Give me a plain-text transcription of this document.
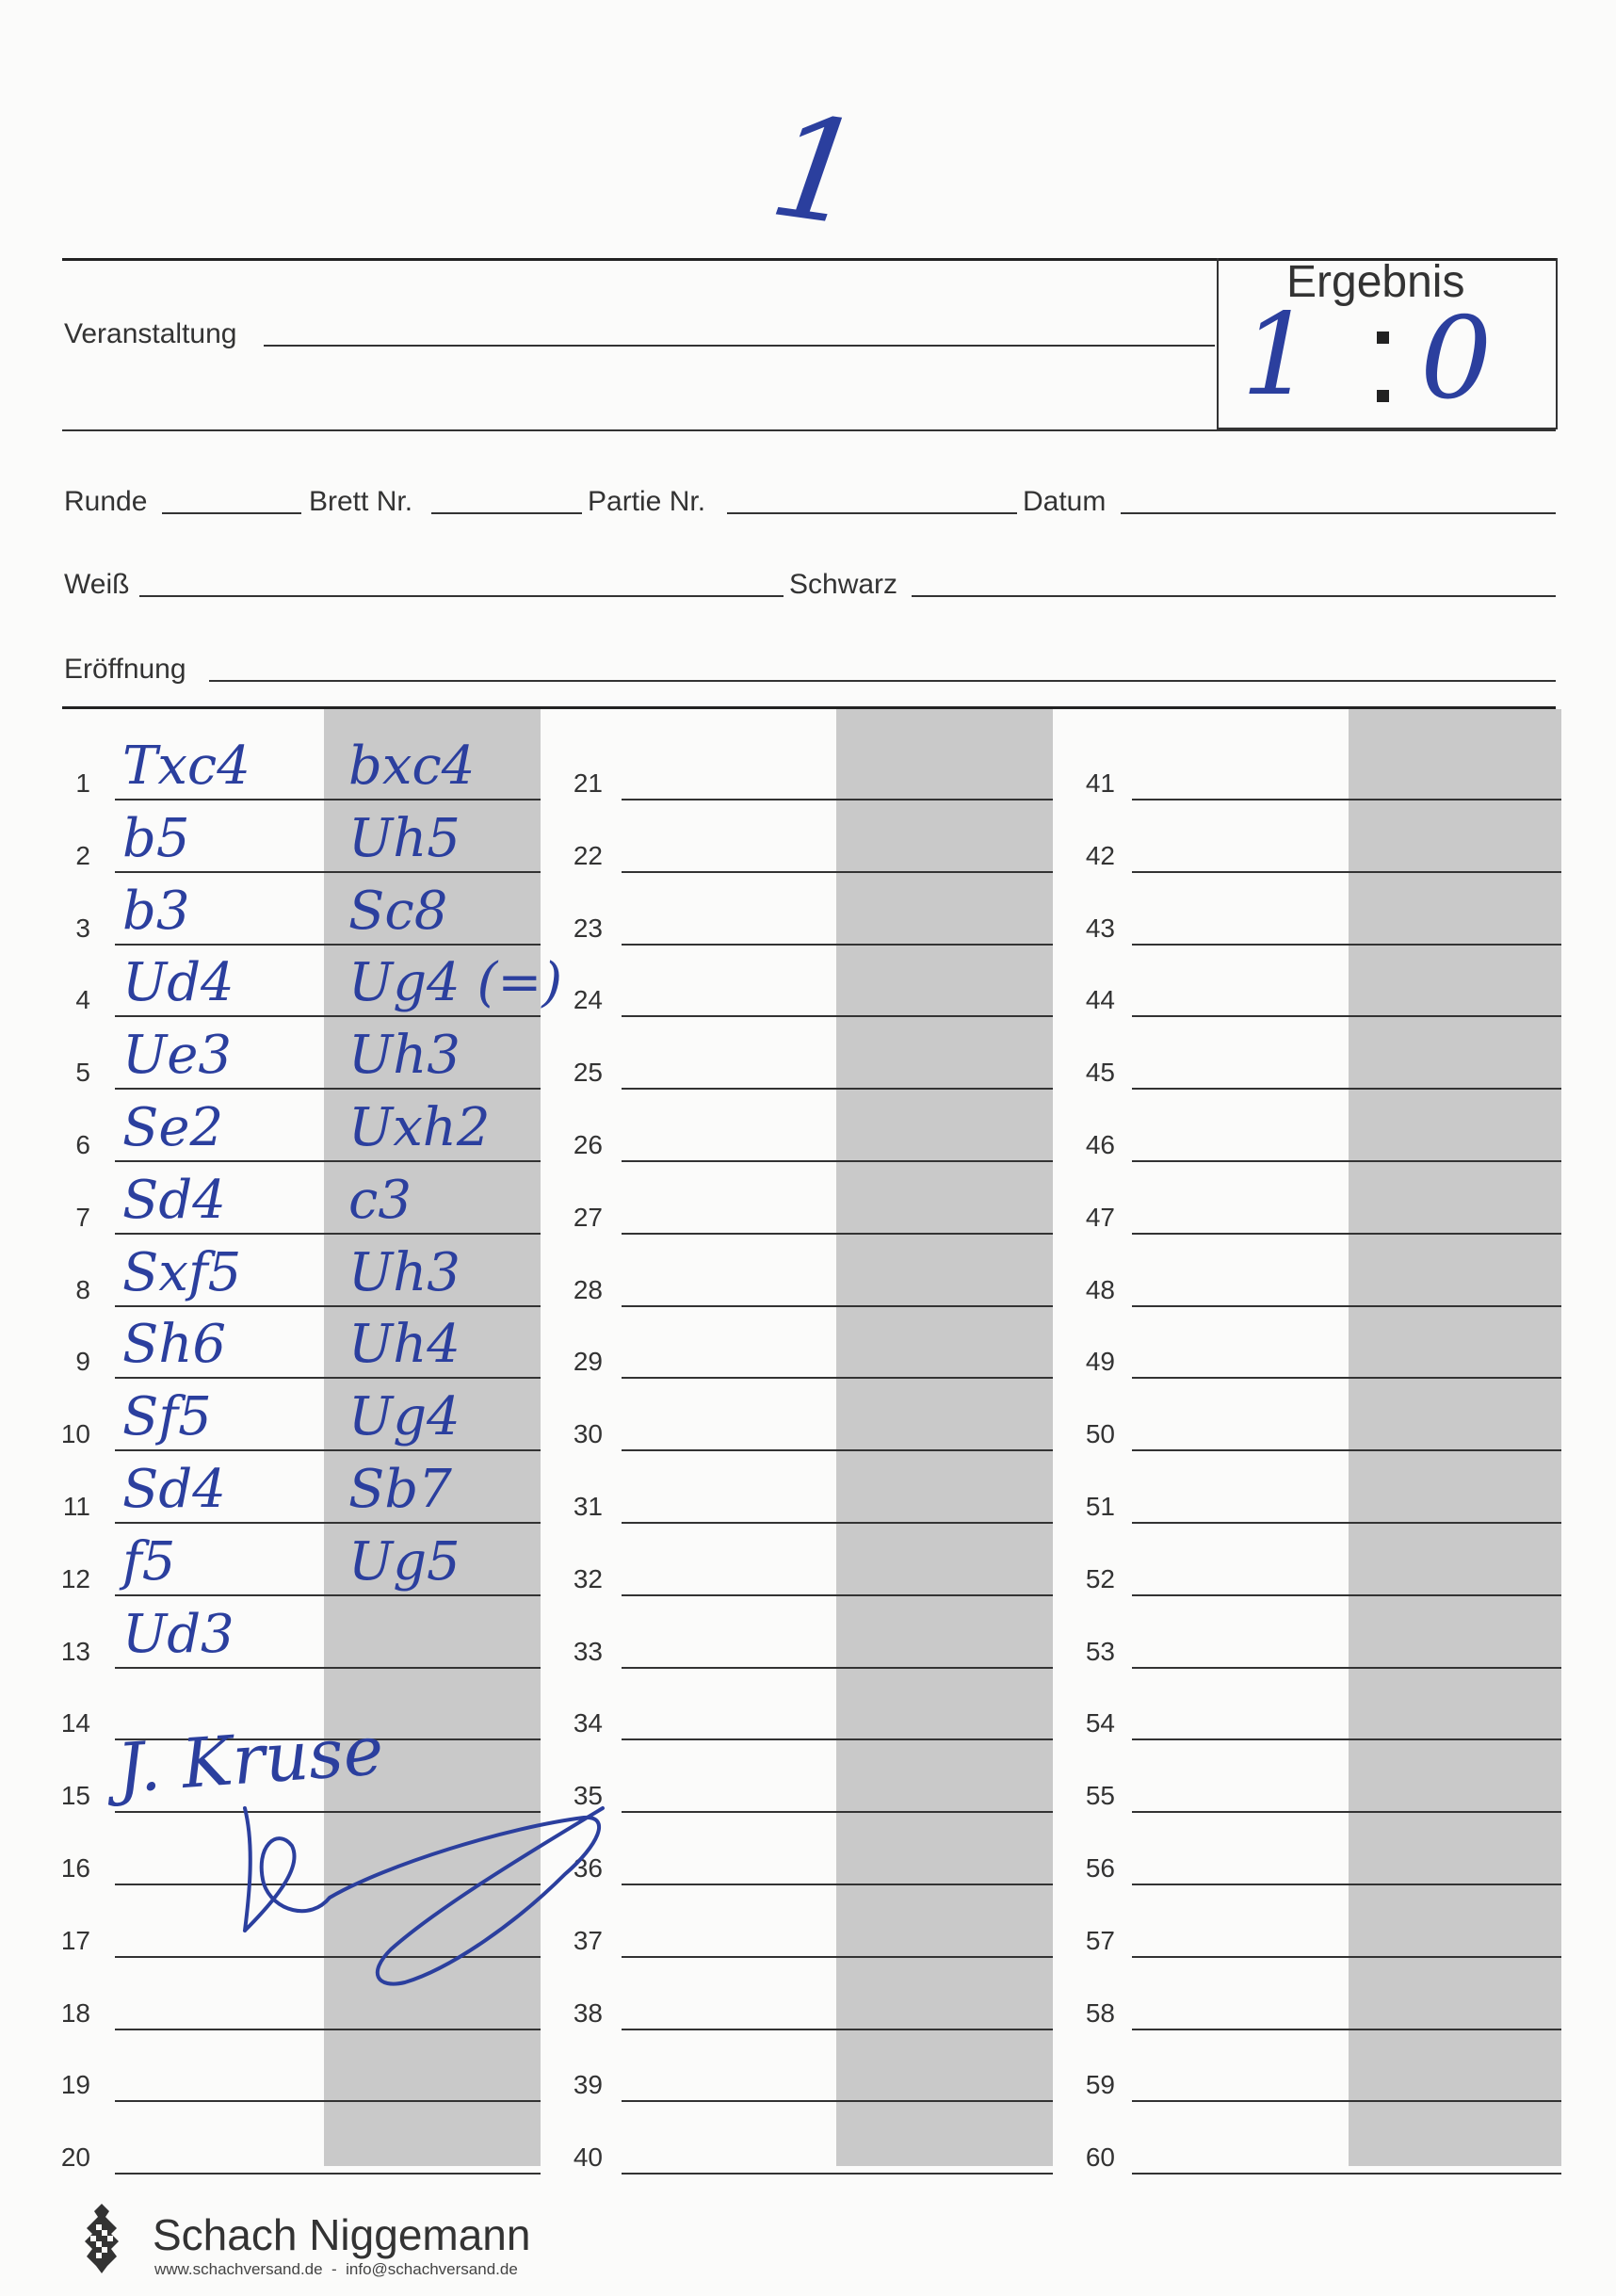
1
Ergebnis
1 0
Veranstaltung
Runde	Brett Nr.	Partie Nr.	Datum
Weiß	Schwarz
Eröffnung
1 Txc4 bxc4
2 b5	Uh5
3 b3	Sc8
4 Ud4 Ug4 (=)
5 Ue3 Uh3
6 Se2 Uxh2
7 Sd4 c3
8 Sxf5 Uh3
9 Sh6 Uh4
10 Sf5	Ug4
11 Sd4 Sb7
12 f5	Ug5
13 Ud3
14
15
16
17
18
19
20
21
22
23
24
25
26
27
28
29
30
31
32
33
34
35
36
37
38
39
40
41
42
43
44
45
46
47
48
49
50
51
52
53
54
55
56
57
58
59
60
J. Kruse
Schach Niggemann
www.schachversand.de  -  info@schachversand.de
